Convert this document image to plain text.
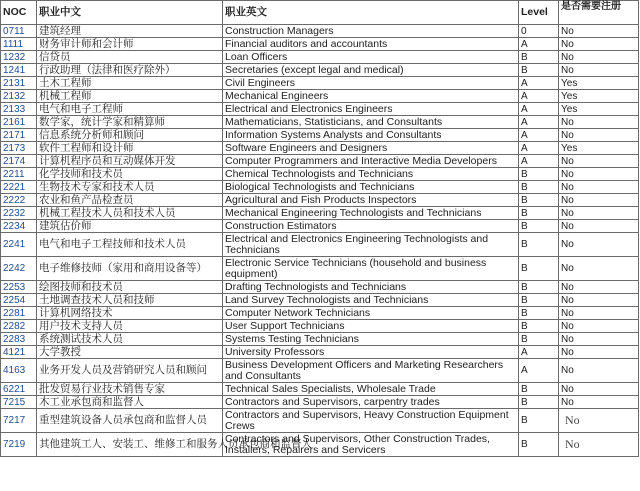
NOC	职业中文	职业英文	Level	是否需要注册
0711	建筑经理	Construction Managers	0	No
1111	财务审计师和会计师	Financial auditors and accountants	A	No
1232	信贷员	Loan Officers	B	No
1241	行政助理（法律和医疗除外）	Secretaries (except legal and medical)	B	No
2131	土木工程师	Civil Engineers	A	Yes
2132	机械工程师	Mechanical Engineers	A	Yes
2133	电气和电子工程师	Electrical and Electronics Engineers	A	Yes
2161	数学家，统计学家和精算师	Mathematicians, Statisticians, and Consultants	A	No
2171	信息系统分析师和顾问	Information Systems Analysts and Consultants	A	No
2173	软件工程师和设计师	Software Engineers and Designers	A	Yes
2174	计算机程序员和互动媒体开发	Computer Programmers and Interactive Media Developers	A	No
2211	化学技师和技术员	Chemical Technologists and Technicians	B	No
2221	生物技术专家和技术人员	Biological Technologists and Technicians	B	No
2222	农业和鱼产品检查员	Agricultural and Fish Products Inspectors	B	No
2232	机械工程技术人员和技术人员	Mechanical Engineering Technologists and Technicians	B	No
2234	建筑估价师	Construction Estimators	B	No
2241	电气和电子工程技师和技术人员	Electrical and Electronics Engineering Technologists and Technicians	B	No
2242	电子维修技师（家用和商用设备等）	Electronic Service Technicians (household and business equipment)	B	No
2253	绘图技师和技术员	Drafting Technologists and Technicians	B	No
2254	土地调查技术人员和技师	Land Survey Technologists and Technicians	B	No
2281	计算机网络技术	Computer Network Technicians	B	No
2282	用户技术支持人员	User Support Technicians	B	No
2283	系统测试技术人员	Systems Testing Technicians	B	No
4121	大学教授	University Professors	A	No
4163	业务开发人员及营销研究人员和顾问	Business Development Officers and Marketing Researchers and Consultants	A	No
6221	批发贸易行业技术销售专家	Technical Sales Specialists, Wholesale Trade	B	No
7215	木工业承包商和监督人	Contractors and Supervisors, carpentry trades	B	No
7217	重型建筑设备人员承包商和监督人员	Contractors and Supervisors, Heavy Construction Equipment Crews	B	No
7219	其他建筑工人、安装工、维修工和服务人员承包商和监督人	Contractors and Supervisors, Other Construction Trades, Installers, Repairers and Servicers	B	No
